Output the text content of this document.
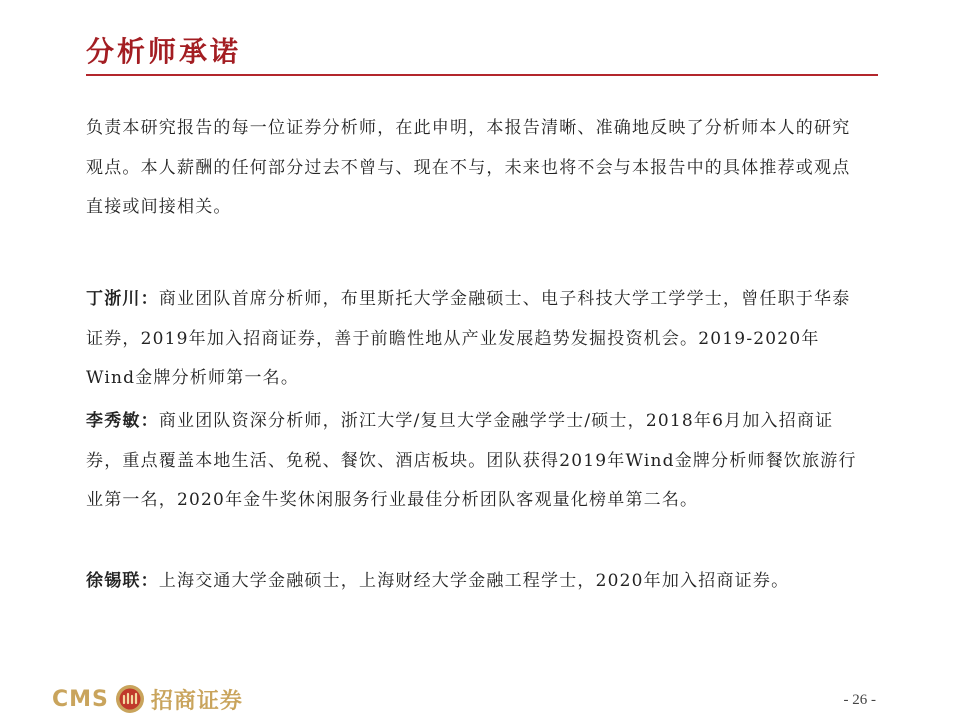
分析师承诺

负责本研究报告的每一位证券分析师，在此申明，本报告清晰、准确地反映了分析师本人的研究观点。本人薪酬的任何部分过去不曾与、现在不与，未来也将不会与本报告中的具体推荐或观点直接或间接相关。

丁浙川：商业团队首席分析师，布里斯托大学金融硕士、电子科技大学工学学士，曾任职于华泰证券，2019年加入招商证券，善于前瞻性地从产业发展趋势发掘投资机会。2019-2020年Wind金牌分析师第一名。

李秀敏：商业团队资深分析师，浙江大学/复旦大学金融学学士/硕士，2018年6月加入招商证券，重点覆盖本地生活、免税、餐饮、酒店板块。团队获得2019年Wind金牌分析师餐饮旅游行业第一名，2020年金牛奖休闲服务行业最佳分析团队客观量化榜单第二名。

徐锡联：上海交通大学金融硕士，上海财经大学金融工程学士，2020年加入招商证券。

CMS 招商证券	- 26 -
